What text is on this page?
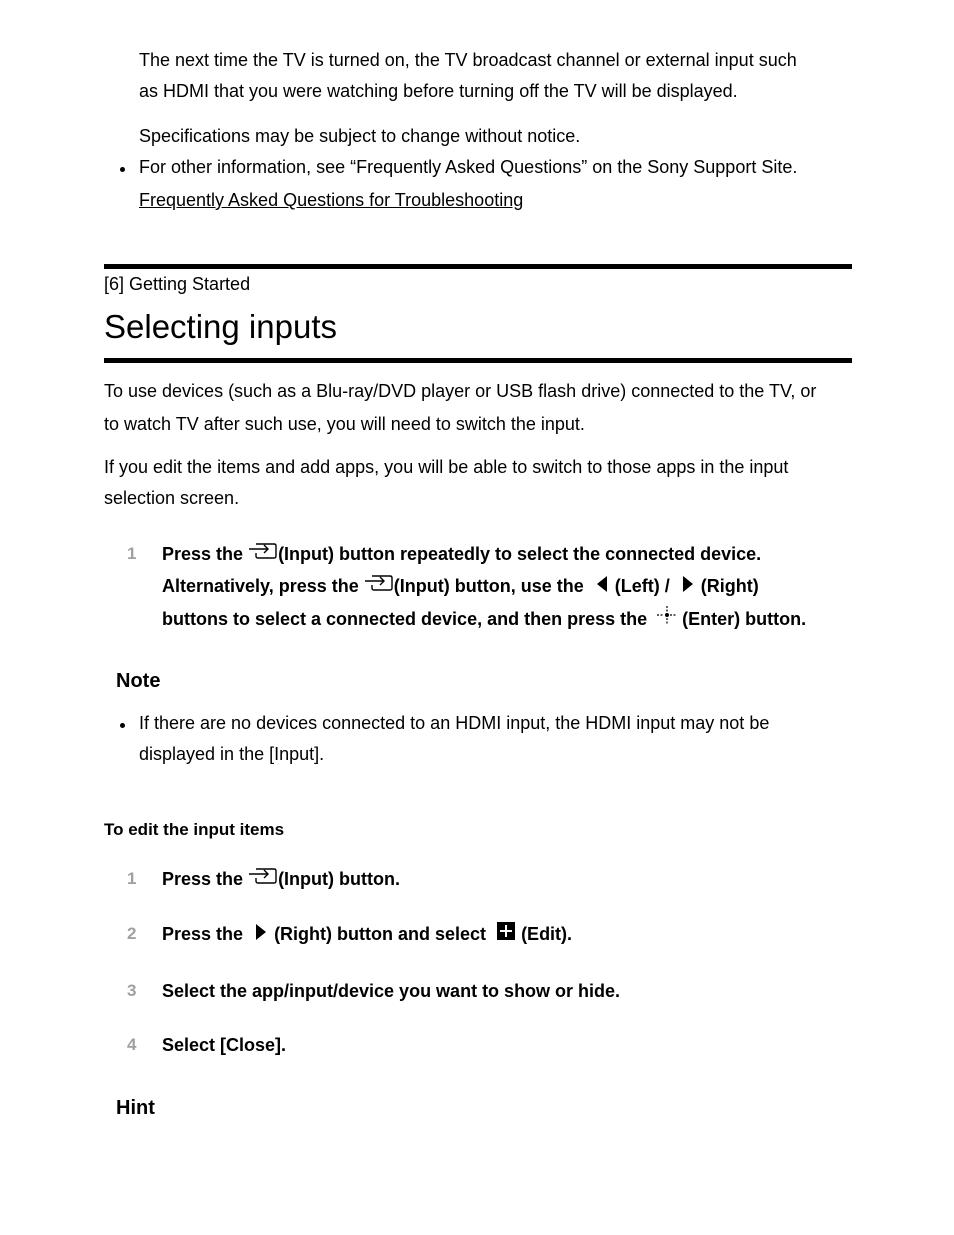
The next time the TV is turned on, the TV broadcast channel or external input such
as HDMI that you were watching before turning off the TV will be displayed.
Specifications may be subject to change without notice.
For other information, see “Frequently Asked Questions” on the Sony Support Site.
Frequently Asked Questions for Troubleshooting
[6] Getting Started
Selecting inputs
To use devices (such as a Blu-ray/DVD player or USB flash drive) connected to the TV, or
to watch TV after such use, you will need to switch the input.
If you edit the items and add apps, you will be able to switch to those apps in the input
selection screen.
1 Press the (Input) button repeatedly to select the connected device.
Alternatively, press the (Input) button, use the (Left) / (Right)
buttons to select a connected device, and then press the (Enter) button.
Note
If there are no devices connected to an HDMI input, the HDMI input may not be
displayed in the [Input].
To edit the input items
1 Press the (Input) button.
2 Press the (Right) button and select (Edit).
3 Select the app/input/device you want to show or hide.
4 Select [Close].
Hint
